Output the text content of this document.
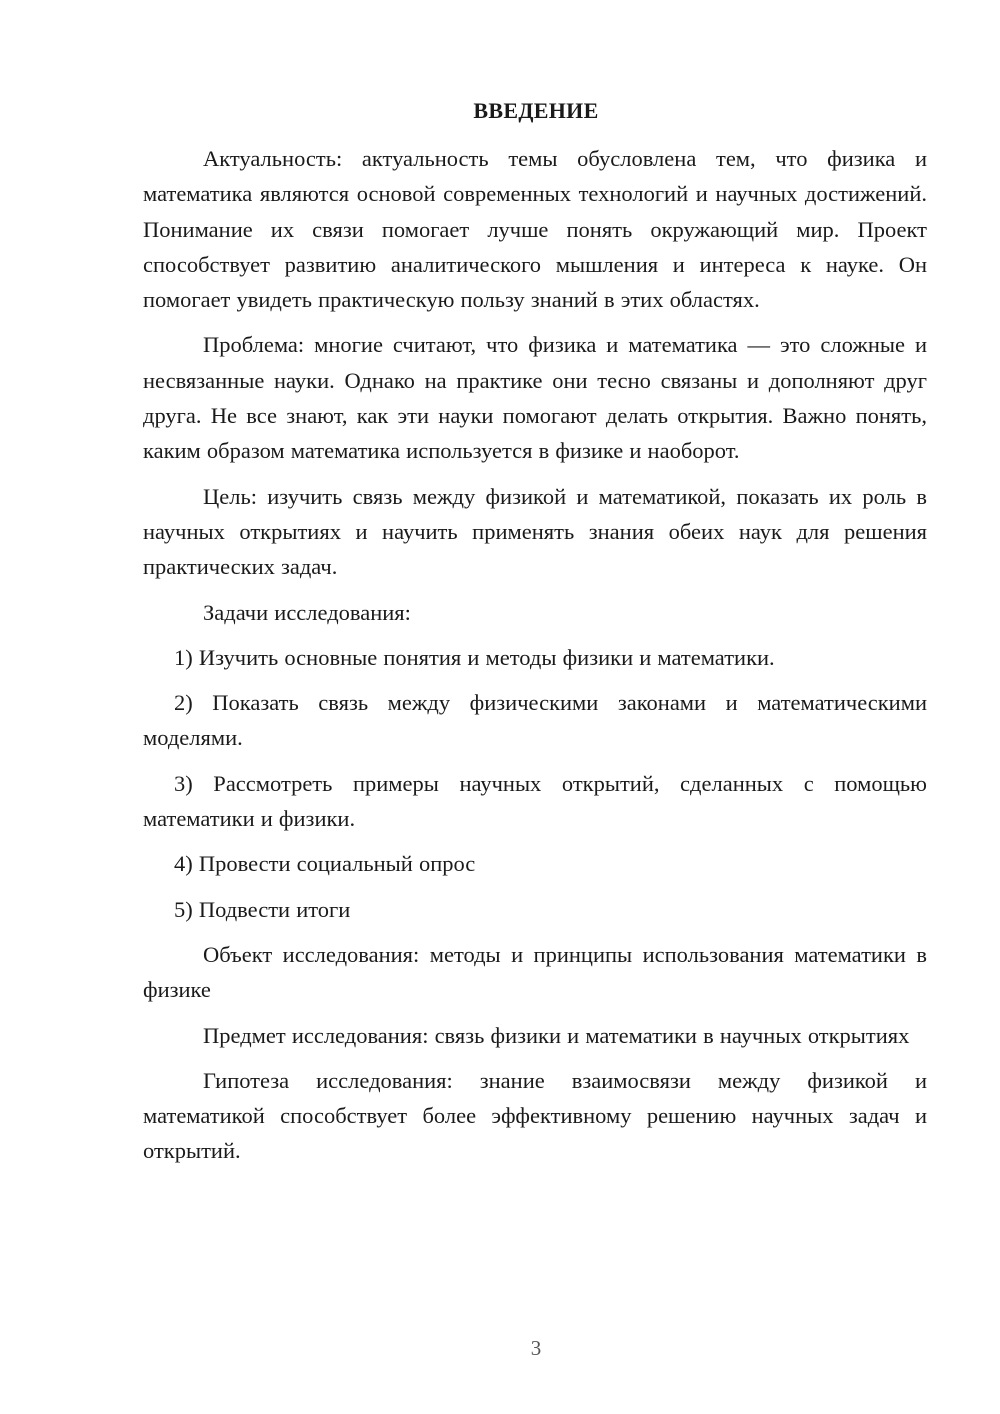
ВВЕДЕНИЕ

Актуальность: актуальность темы обусловлена тем, что физика и математика являются основой современных технологий и научных достижений. Понимание их связи помогает лучше понять окружающий мир. Проект способствует развитию аналитического мышления и интереса к науке. Он помогает увидеть практическую пользу знаний в этих областях.

Проблема: многие считают, что физика и математика — это сложные и несвязанные науки. Однако на практике они тесно связаны и дополняют друг друга. Не все знают, как эти науки помогают делать открытия. Важно понять, каким образом математика используется в физике и наоборот.

Цель: изучить связь между физикой и математикой, показать их роль в научных открытиях и научить применять знания обеих наук для решения практических задач.

Задачи исследования:

1) Изучить основные понятия и методы физики и математики.

2) Показать связь между физическими законами и математическими моделями.

3) Рассмотреть примеры научных открытий, сделанных с помощью математики и физики.

4) Провести социальный опрос

5) Подвести итоги

Объект исследования: методы и принципы использования математики в физике

Предмет исследования: связь физики и математики в научных открытиях

Гипотеза исследования: знание взаимосвязи между физикой и математикой способствует более эффективному решению научных задач и открытий.

3
